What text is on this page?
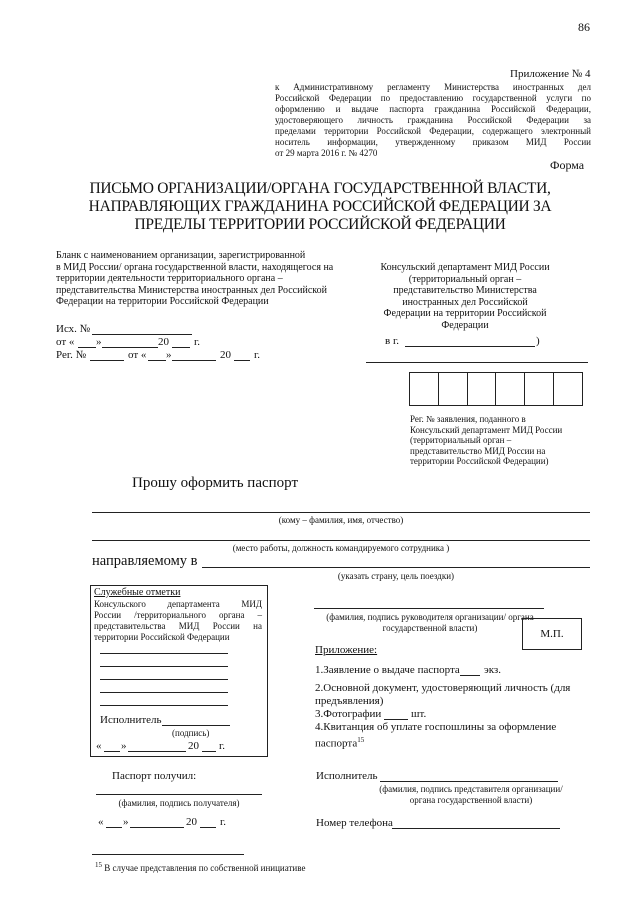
86
Приложение № 4
к Административному регламенту Министерства иностранных дел
Российской Федерации по предоставлению государственной услуги по
оформлению и выдаче паспорта гражданина Российской Федерации,
удостоверяющего личность гражданина Российской Федерации за
пределами территории Российской Федерации, содержащего электронный
носитель информации, утвержденному приказом МИД России
от 29 марта 2016 г. № 4270
Форма
ПИСЬМО ОРГАНИЗАЦИИ/ОРГАНА ГОСУДАРСТВЕННОЙ ВЛАСТИ,
НАПРАВЛЯЮЩИХ ГРАЖДАНИНА РОССИЙСКОЙ ФЕДЕРАЦИИ ЗА
ПРЕДЕЛЫ ТЕРРИТОРИИ РОССИЙСКОЙ ФЕДЕРАЦИИ
Бланк с наименованием организации, зарегистрированной
в МИД России/ органа государственной власти, находящегося на
территории деятельности территориального органа –
представительства Министерства иностранных дел Российской
Федерации на территории Российской Федерации
Исх. №
от « »	20 г.
Рег. №	от « »	20 г.
Консульский департамент МИД России
(территориальный орган –
представительство Министерства
иностранных дел Российской
Федерации на территории Российской
Федерации
в г.	)
Рег. № заявления, поданного в
Консульский департамент МИД России
(территориальный орган –
представительство МИД России на
территории Российской Федерации)
Прошу оформить паспорт
(кому – фамилия, имя, отчество)
(место работы, должность командируемого сотрудника )
направляемому в
(указать страну, цель поездки)
Служебные отметки
Консульского департамента МИД
России /территориального органа –
представительства МИД России на
территории Российской Федерации
Исполнитель
(подпись)
« »	20 г.
(фамилия, подпись руководителя организации/ органа
государственной власти)
М.П.
Приложение:
1.Заявление о выдаче паспорта экз.
2.Основной документ, удостоверяющий личность (для
предъявления)
3.Фотографии	шт.
4.Квитанция об уплате госпошлины за оформление
паспорта$^{15}$
Паспорт получил:
(фамилия, подпись получателя)
« »	20 г.
Исполнитель
(фамилия, подпись представителя организации/
органа государственной власти)
Номер телефона
$^{15}$ В случае представления по собственной инициативе
